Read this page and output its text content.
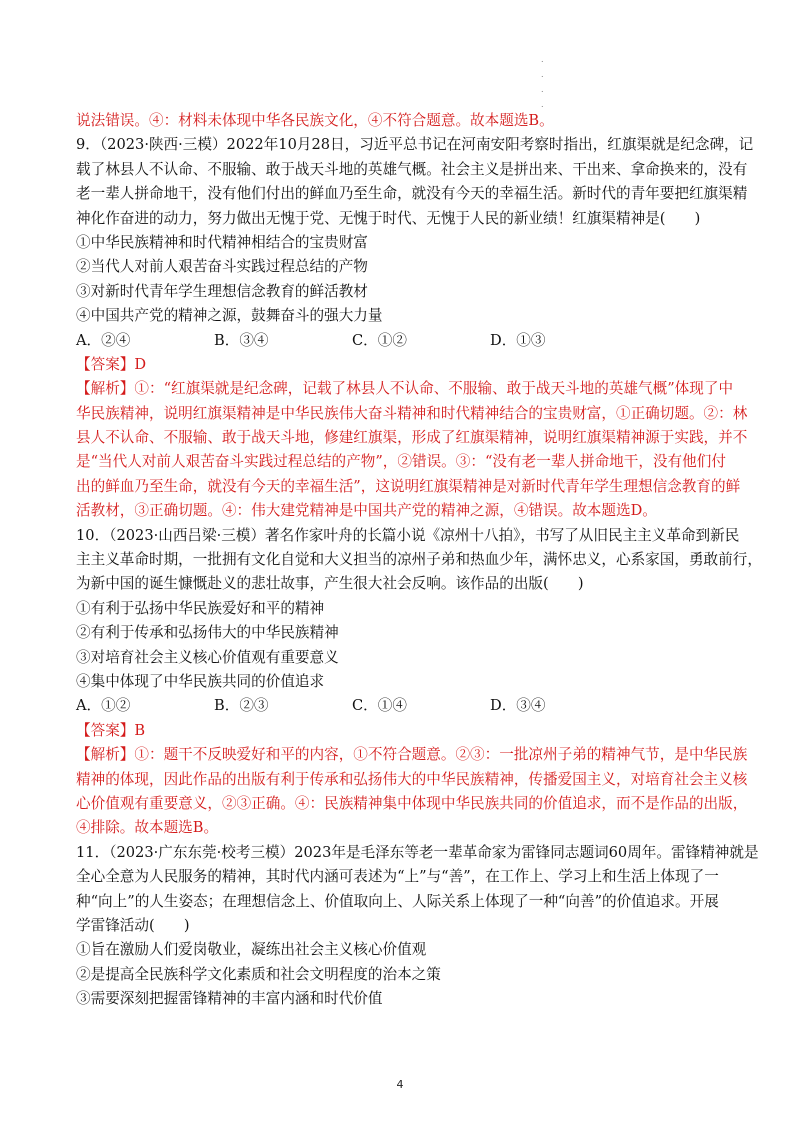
.
.
.
.
说法错误。④：材料未体现中华各民族文化，④不符合题意。故本题选B。
9．（2023·陕西·三模）2022年10月28日，习近平总书记在河南安阳考察时指出，红旗渠就是纪念碑，记
载了林县人不认命、不服输、敢于战天斗地的英雄气概。社会主义是拼出来、干出来、拿命换来的，没有
老一辈人拼命地干，没有他们付出的鲜血乃至生命，就没有今天的幸福生活。新时代的青年要把红旗渠精
神化作奋进的动力，努力做出无愧于党、无愧于时代、无愧于人民的新业绩！红旗渠精神是(　　)
①中华民族精神和时代精神相结合的宝贵财富
②当代人对前人艰苦奋斗实践过程总结的产物
③对新时代青年学生理想信念教育的鲜活教材
④中国共产党的精神之源，鼓舞奋斗的强大力量
A．②④	B．③④	C．①②	D．①③
【答案】D
【解析】①：“红旗渠就是纪念碑，记载了林县人不认命、不服输、敢于战天斗地的英雄气概”体现了中
华民族精神，说明红旗渠精神是中华民族伟大奋斗精神和时代精神结合的宝贵财富，①正确切题。②：林
县人不认命、不服输、敢于战天斗地，修建红旗渠，形成了红旗渠精神，说明红旗渠精神源于实践，并不
是“当代人对前人艰苦奋斗实践过程总结的产物”，②错误。③：“没有老一辈人拼命地干，没有他们付
出的鲜血乃至生命，就没有今天的幸福生活”，这说明红旗渠精神是对新时代青年学生理想信念教育的鲜
活教材，③正确切题。④：伟大建党精神是中国共产党的精神之源，④错误。故本题选D。
10．（2023·山西吕梁·三模）著名作家叶舟的长篇小说《凉州十八拍》，书写了从旧民主主义革命到新民
主主义革命时期，一批拥有文化自觉和大义担当的凉州子弟和热血少年，满怀忠义，心系家国，勇敢前行，
为新中国的诞生慷慨赴义的悲壮故事，产生很大社会反响。该作品的出版(　　)
①有利于弘扬中华民族爱好和平的精神
②有利于传承和弘扬伟大的中华民族精神
③对培育社会主义核心价值观有重要意义
④集中体现了中华民族共同的价值追求
A．①②	B．②③	C．①④	D．③④
【答案】B
【解析】①：题干不反映爱好和平的内容，①不符合题意。②③：一批凉州子弟的精神气节，是中华民族
精神的体现，因此作品的出版有利于传承和弘扬伟大的中华民族精神，传播爱国主义，对培育社会主义核
心价值观有重要意义，②③正确。④：民族精神集中体现中华民族共同的价值追求，而不是作品的出版，
④排除。故本题选B。
11．（2023·广东东莞·校考三模）2023年是毛泽东等老一辈革命家为雷锋同志题词60周年。雷锋精神就是
全心全意为人民服务的精神，其时代内涵可表述为“上”与“善”，在工作上、学习上和生活上体现了一
种“向上”的人生姿态；在理想信念上、价值取向上、人际关系上体现了一种“向善”的价值追求。开展
学雷锋活动(　　)
①旨在激励人们爱岗敬业，凝练出社会主义核心价值观
②是提高全民族科学文化素质和社会文明程度的治本之策
③需要深刻把握雷锋精神的丰富内涵和时代价值
4
